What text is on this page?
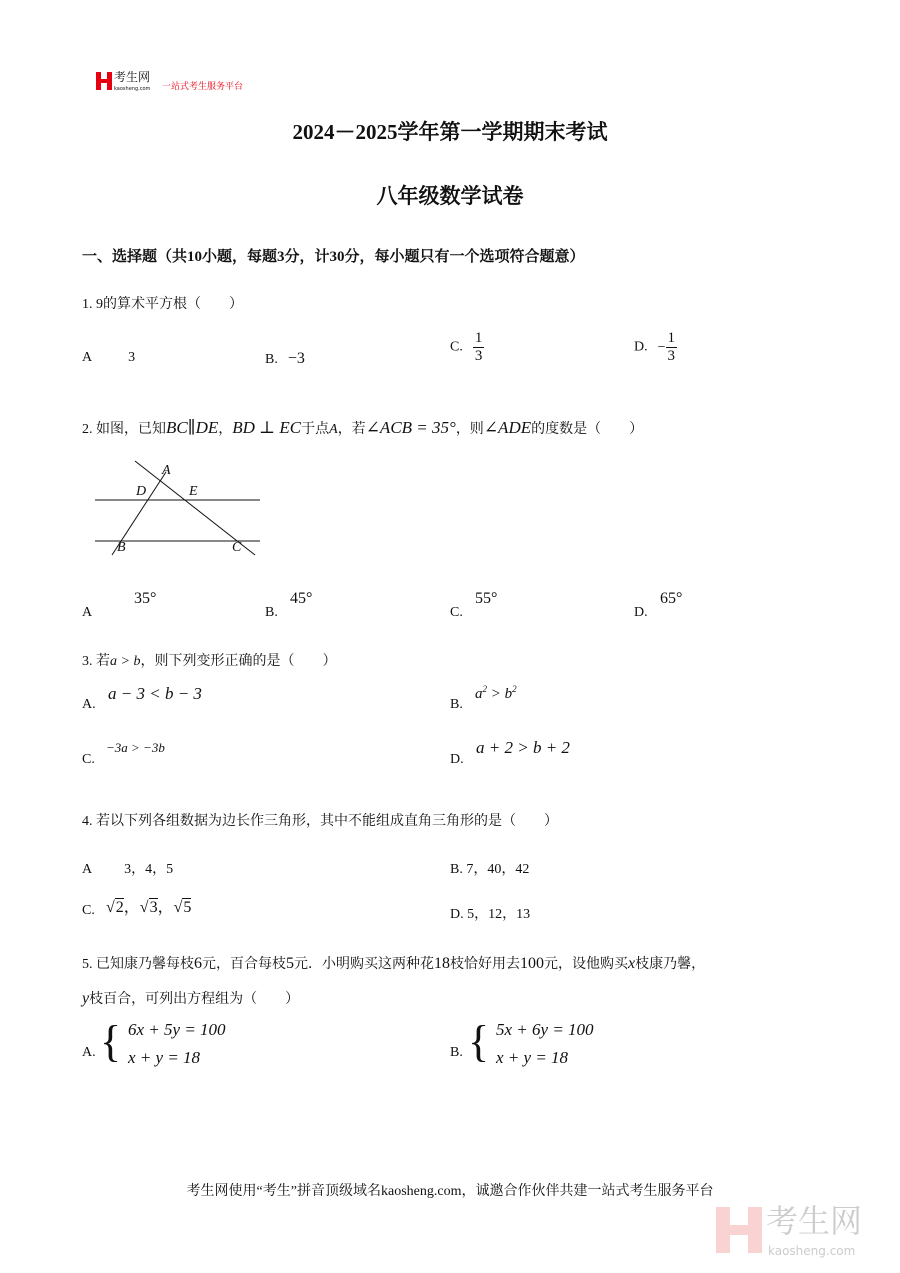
考生网
kaosheng.com 一站式考生服务平台
2024－2025学年第一学期期末考试
八年级数学试卷
一、选择题（共10小题，每题3分，计30分，每小题只有一个选项符合题意）
1. 9的算术平方根（　　）
A	3	B. −3
C. $\frac{1}{3}$	D. − $\frac{1}{3}$
2. 如图，已知BC∥DE，BD ⊥ EC于点A，若∠ACB = 35°，则∠ADE的度数是（　　）
A
D	E
B	C
A
35°
B.
45°
C.
55°
D.
65°
3. 若a > b，则下列变形正确的是（　　）
A.
a − 3 < b − 3
B.
$a^2 > b^2$
C.
−3a > −3b
D.
a + 2 > b + 2
4. 若以下列各组数据为边长作三角形，其中不能组成直角三角形的是（　　）
A 3，4，5	B. 7，40，42
C. √2，√3，√5	D. 5，12，13
5. 已知康乃馨每枝6元，百合每枝5元．小明购买这两种花18枝恰好用去100元，设他购买x枝康乃馨，
y枝百合，可列出方程组为（　　）
A. { 6x + 5y = 100
x + y = 18	B. { 5x + 6y = 100
x + y = 18
考生网使用“考生”拼音顶级域名kaosheng.com，诚邀合作伙伴共建一站式考生服务平台
考生网
kaosheng.com
